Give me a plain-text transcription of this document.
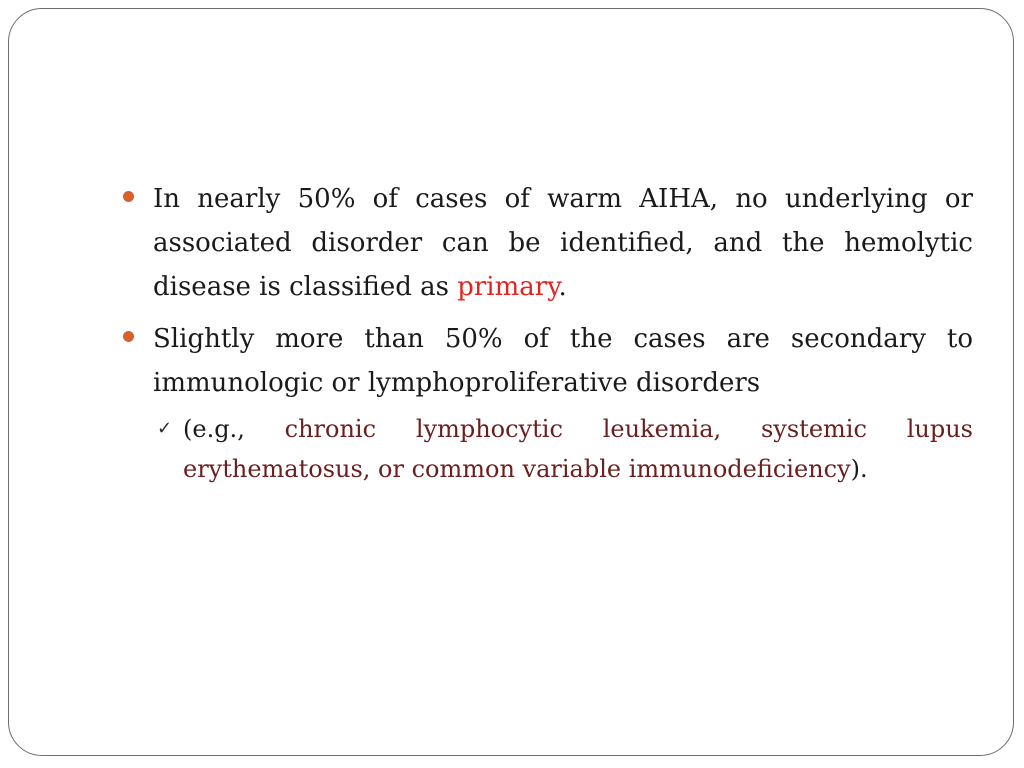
In nearly 50% of cases of warm AIHA, no underlying or associated disorder can be identified, and the hemolytic disease is classified as primary.
Slightly more than 50% of the cases are secondary to immunologic or lymphoproliferative disorders
✓ (e.g., chronic lymphocytic leukemia, systemic lupus erythematosus, or common variable immunodeficiency).
